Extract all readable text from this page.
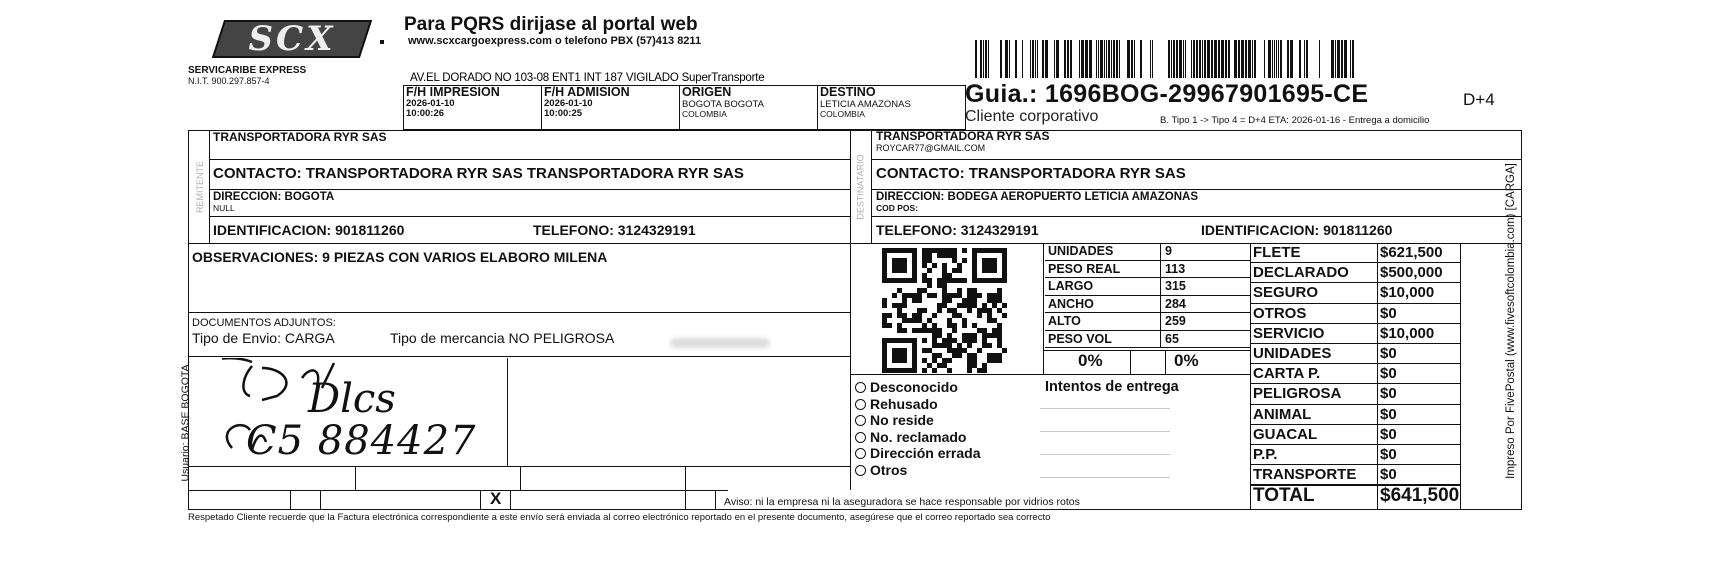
SCX
SERVICARIBE EXPRESS
N.I.T. 900.297.857-4
Para PQRS dirijase al portal web
www.scxcargoexpress.com o telefono PBX (57)413 8211
AV.EL DORADO NO 103-08 ENT1 INT 187 VIGILADO SuperTransporte
F/H IMPRESION
2026-01-10
10:00:26
F/H ADMISION
2026-01-10
10:00:25
ORIGEN
BOGOTA BOGOTA
COLOMBIA
DESTINO
LETICIA AMAZONAS
COLOMBIA
Guia.: 1696BOG-29967901695-CE	D+4
Cliente corporativo	B. Tipo 1 -> Tipo 4 = D+4 ETA: 2026-01-16 - Entrega a domicilio
REMITENTE
TRANSPORTADORA RYR SAS
CONTACTO: TRANSPORTADORA RYR SAS TRANSPORTADORA RYR SAS
DIRECCION: BOGOTA
NULL
IDENTIFICACION: 901811260	TELEFONO: 3124329191
DESTINATARIO
TRANSPORTADORA RYR SAS
ROYCAR77@GMAIL.COM
CONTACTO: TRANSPORTADORA RYR SAS
DIRECCION: BODEGA AEROPUERTO LETICIA AMAZONAS
COD POS:
TELEFONO: 3124329191	IDENTIFICACION: 901811260
OBSERVACIONES: 9 PIEZAS CON VARIOS ELABORO MILENA
DOCUMENTOS ADJUNTOS:
Tipo de Envio: CARGA	Tipo de mercancia NO PELIGROSA
Usuario: BASE BOGOTA	Dlcs
C5 884427
X	Aviso: ni la empresa ni la aseguradora se hace responsable por vidrios rotos
UNIDADES	9
PESO REAL	113
LARGO	315
ANCHO	284
ALTO	259
PESO VOL	65
0%	0%
Desconocido
Rehusado
No reside
No. reclamado
Dirección errada
Otros
Intentos de entrega
FLETE	$621,500
DECLARADO	$500,000
SEGURO	$10,000
OTROS	$0
SERVICIO	$10,000
UNIDADES	$0
CARTA P.	$0
PELIGROSA	$0
ANIMAL	$0
GUACAL	$0
P.P.	$0
TRANSPORTE	$0
TOTAL	$641,500
Impreso Por FivePostal (www.fivesoftcolombia.com) [CARGA]
Respetado Cliente recuerde que la Factura electrónica correspondiente a este envío será enviada al correo electrónico reportado en el presente documento, asegúrese que el correo reportado sea correcto
